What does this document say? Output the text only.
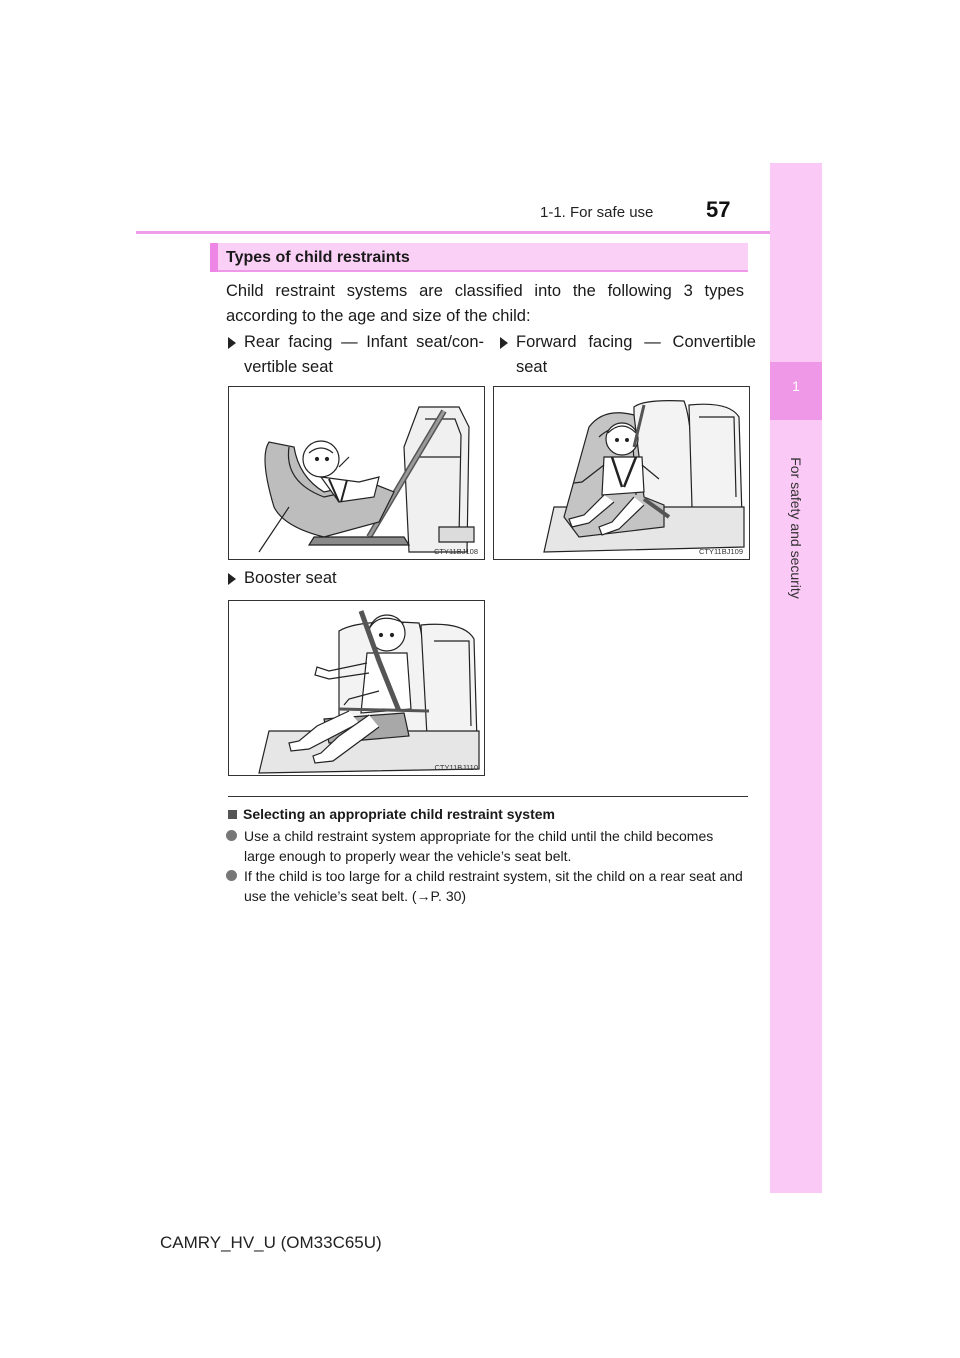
1-1. For safe use 57
1
For safety and security
Types of child restraints
Child restraint systems are classified into the following 3 types according to the age and size of the child:
Rear facing — Infant seat/con-vertible seat
Forward facing — Convertible seat
Booster seat
CTY11BJ108	CTY11BJ109
CTY11BJ110
Selecting an appropriate child restraint system
Use a child restraint system appropriate for the child until the child becomes large enough to properly wear the vehicle’s seat belt.
If the child is too large for a child restraint system, sit the child on a rear seat and use the vehicle’s seat belt. (→P. 30)
CAMRY_HV_U (OM33C65U)
